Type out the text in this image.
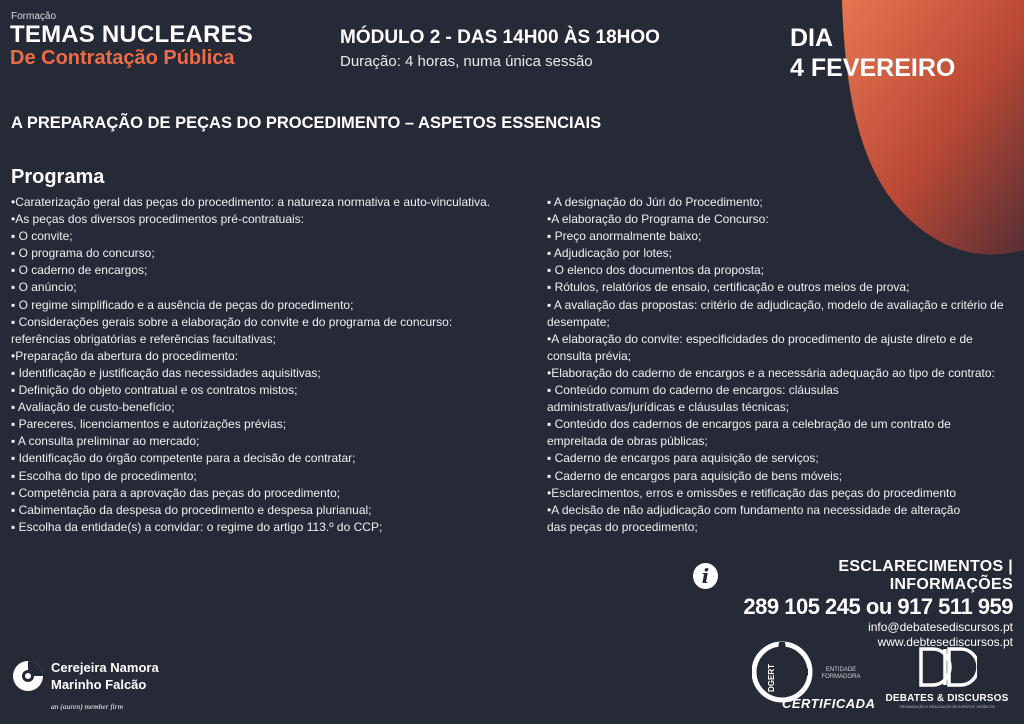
Formação
TEMAS NUCLEARES
De Contratação Pública
MÓDULO 2 - DAS 14H00 ÀS 18HOO
Duração: 4 horas, numa única sessão
DIA
4 FEVEREIRO
A PREPARAÇÃO DE PEÇAS DO PROCEDIMENTO – ASPETOS ESSENCIAIS
Programa
•Caraterização geral das peças do procedimento: a natureza normativa e auto-vinculativa.
•As peças dos diversos procedimentos pré-contratuais:
▪ O convite;
▪ O programa do concurso;
▪ O caderno de encargos;
▪ O anúncio;
▪ O regime simplificado e a ausência de peças do procedimento;
▪ Considerações gerais sobre a elaboração do convite e do programa de concurso: referências obrigatórias e referências facultativas;
•Preparação da abertura do procedimento:
▪ Identificação e justificação das necessidades aquisitivas;
▪ Definição do objeto contratual e os contratos mistos;
▪ Avaliação de custo-benefício;
▪ Pareceres, licenciamentos e autorizações prévias;
▪ A consulta preliminar ao mercado;
▪ Identificação do órgão competente para a decisão de contratar;
▪ Escolha do tipo de procedimento;
▪ Competência para a aprovação das peças do procedimento;
▪ Cabimentação da despesa do procedimento e despesa plurianual;
▪ Escolha da entidade(s) a convidar: o regime do artigo 113.º do CCP;
▪ A designação do Júri do Procedimento;
•A elaboração do Programa de Concurso:
▪ Preço anormalmente baixo;
▪ Adjudicação por lotes;
▪ O elenco dos documentos da proposta;
▪ Rótulos, relatórios de ensaio, certificação e outros meios de prova;
▪ A avaliação das propostas: critério de adjudicação, modelo de avaliação e critério de desempate;
•A elaboração do convite: especificidades do procedimento de ajuste direto e de consulta prévia;
•Elaboração do caderno de encargos e a necessária adequação ao tipo de contrato:
▪ Conteúdo comum do caderno de encargos: cláusulas administrativas/jurídicas e cláusulas técnicas;
▪ Conteúdo dos cadernos de encargos para a celebração de um contrato de empreitada de obras públicas;
▪ Caderno de encargos para aquisição de serviços;
▪ Caderno de encargos para aquisição de bens móveis;
•Esclarecimentos, erros e omissões e retificação das peças do procedimento
•A decisão de não adjudicação com fundamento na necessidade de alteração das peças do procedimento;
i	ESCLARECIMENTOS | INFORMAÇÕES
289 105 245 ou 917 511 959
info@debatesediscursos.pt
www.debtesediscursos.pt
Cerejeira Namora
Marinho Falcão
an (auren) member firm
DGERT	ENTIDADE FORMADORA
CERTIFICADA	DEBATES & DISCURSOS
ORGANIZAÇÃO E REALIZAÇÃO DE EVENTOS JURÍDICOS
